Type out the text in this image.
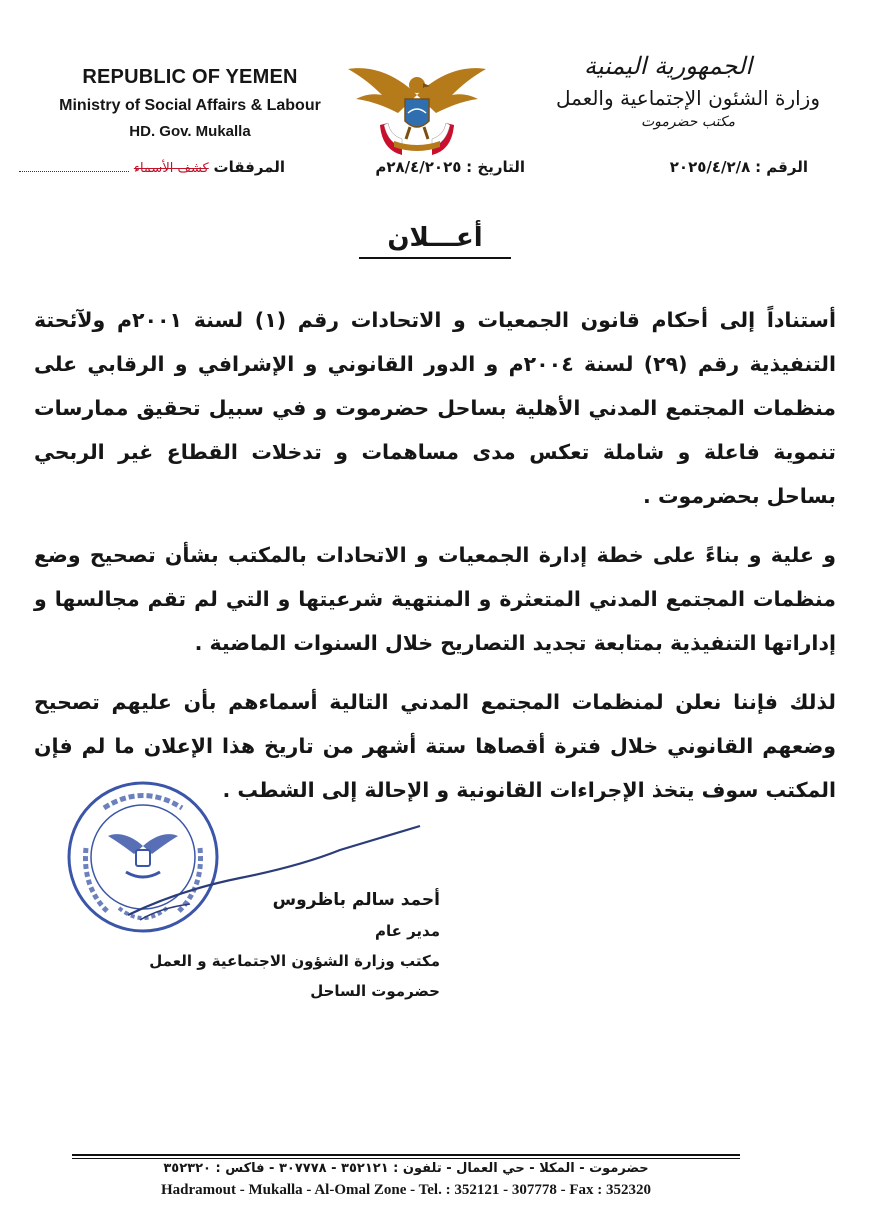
REPUBLIC OF YEMEN
Ministry of Social Affairs & Labour
HD. Gov. Mukalla
الجمهورية اليمنية
وزارة الشئون الإجتماعية والعمل
مكتب حضرموت
الرقم : ٢٠٢٥/٤/٢/٨
التاريخ : ٢٨/٤/٢٠٢٥م
المرفقات كشف الأسماء
أعـــلان

أستناداً إلى أحكام قانون الجمعيات و الاتحادات رقم (١) لسنة ٢٠٠١م ولآئحتة التنفيذية رقم (٢٩) لسنة ٢٠٠٤م و الدور القانوني و الإشرافي و الرقابي على منظمات المجتمع المدني الأهلية بساحل حضرموت و في سبيل تحقيق ممارسات تنموية فاعلة و شاملة تعكس مدى مساهمات و تدخلات القطاع غير الربحي بساحل بحضرموت .

و علية و بناءً على خطة إدارة الجمعيات و الاتحادات بالمكتب بشأن تصحيح وضع منظمات المجتمع المدني المتعثرة و المنتهية شرعيتها و التي لم تقم مجالسها و إداراتها التنفيذية بمتابعة تجديد التصاريح خلال السنوات الماضية .

لذلك فإننا نعلن لمنظمات المجتمع المدني التالية أسماءهم بأن عليهم تصحيح وضعهم القانوني خلال فترة أقصاها ستة أشهر من تاريخ هذا الإعلان ما لم فإن المكتب سوف يتخذ الإجراءات القانونية و الإحالة إلى الشطب .

أحمد سالم باظروس
مدير عام
مكتب وزارة الشؤون الاجتماعية و العمل
حضرموت الساحل
حضرموت - المكلا - حي العمال - تلفون : ٣٥٢١٢١ - ٣٠٧٧٧٨ - فاكس : ٣٥٢٣٢٠
Hadramout - Mukalla - Al-Omal Zone - Tel. : 352121 - 307778 - Fax : 352320
